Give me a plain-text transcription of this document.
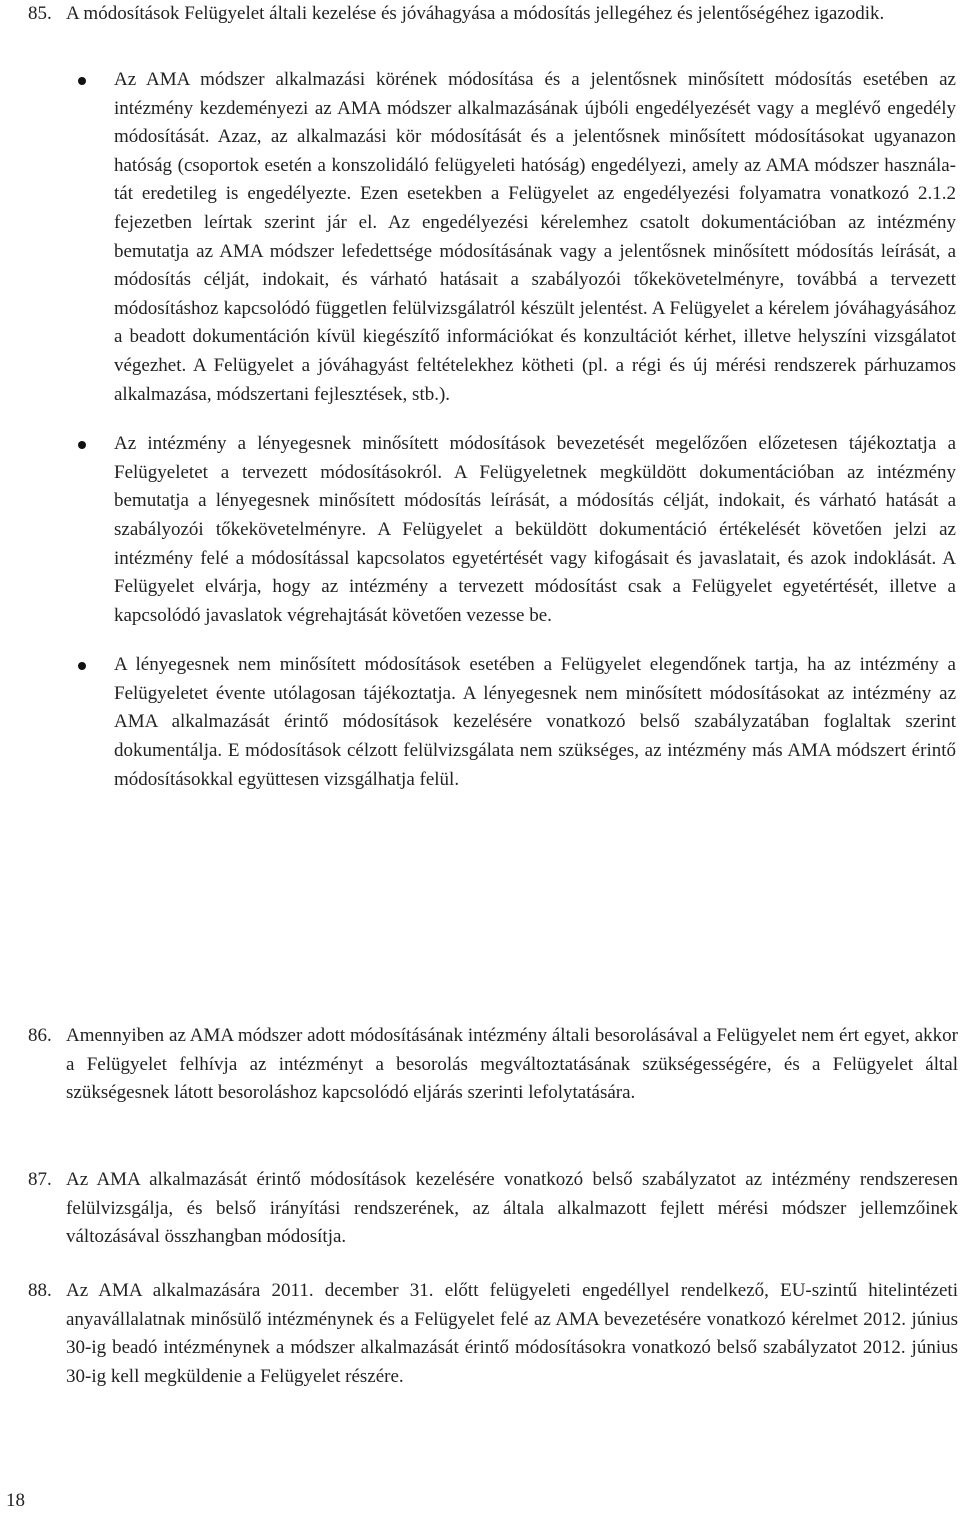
85. A módosítások Felügyelet általi kezelése és jóváhagyása a módosítás jellegéhez és jelentőségéhez igazodik.
Az AMA módszer alkalmazási körének módosítása és a jelentősnek minősített módosítás esetében az intézmény kezdeményezi az AMA módszer alkalmazásának újbóli engedélyezését vagy a meglévő engedély módosítását. Azaz, az alkalmazási kör módosítását és a jelentősnek minősített módosításokat ugyanazon hatóság (csoportok esetén a konszolidáló felügyeleti hatóság) engedélyezi, amely az AMA módszer használatát eredetileg is engedélyezte. Ezen esetekben a Felügyelet az engedélyezési folyamatra vonatkozó 2.1.2 fejezetben leírtak szerint jár el. Az engedélyezési kérelemhez csatolt dokumentációban az intézmény bemutatja az AMA módszer lefedettsége módosításának vagy a jelentősnek minősített módosítás leírását, a módosítás célját, indokait, és várható hatásait a szabályozói tőkekövetelményre, továbbá a tervezett módosításhoz kapcsolódó független felülvizsgálatról készült jelentést. A Felügyelet a kérelem jóváhagyásához a beadott dokumentáción kívül kiegészítő információkat és konzultációt kérhet, illetve helyszíni vizsgálatot végezhet. A Felügyelet a jóváhagyást feltételekhez kötheti (pl. a régi és új mérési rendszerek párhuzamos alkalmazása, módszertani fejlesztések, stb.).
Az intézmény a lényegesnek minősített módosítások bevezetését megelőzően előzetesen tájékoztatja a Felügyeletet a tervezett módosításokról. A Felügyeletnek megküldött dokumentációban az intézmény bemutatja a lényegesnek minősített módosítás leírását, a módosítás célját, indokait, és várható hatását a szabályozói tőkekövetelményre. A Felügyelet a beküldött dokumentáció értékelését követően jelzi az intézmény felé a módosítással kapcsolatos egyetértését vagy kifogásait és javaslatait, és azok indoklását. A Felügyelet elvárja, hogy az intézmény a tervezett módosítást csak a Felügyelet egyetértését, illetve a kapcsolódó javaslatok végrehajtását követően vezesse be.
A lényegesnek nem minősített módosítások esetében a Felügyelet elegendőnek tartja, ha az intézmény a Felügyeletet évente utólagosan tájékoztatja. A lényegesnek nem minősített módosításokat az intézmény az AMA alkalmazását érintő módosítások kezelésére vonatkozó belső szabályzatában foglaltak szerint dokumentálja. E módosítások célzott felülvizsgálata nem szükséges, az intézmény más AMA módszert érintő módosításokkal együttesen vizsgálhatja felül.
86. Amennyiben az AMA módszer adott módosításának intézmény általi besorolásával a Felügyelet nem ért egyet, akkor a Felügyelet felhívja az intézményt a besorolás megváltoztatásának szükségességére, és a Felügyelet által szükségesnek látott besoroláshoz kapcsolódó eljárás szerinti lefolytatására.
87. Az AMA alkalmazását érintő módosítások kezelésére vonatkozó belső szabályzatot az intézmény rendszeresen felülvizsgálja, és belső irányítási rendszerének, az általa alkalmazott fejlett mérési módszer jellemzőinek változásával összhangban módosítja.
88. Az AMA alkalmazására 2011. december 31. előtt felügyeleti engedéllyel rendelkező, EU-szintű hitelintézeti anyavállalatnak minősülő intézménynek és a Felügyelet felé az AMA bevezetésére vonatkozó kérelmet 2012. június 30-ig beadó intézménynek a módszer alkalmazását érintő módosításokra vonatkozó belső szabályzatot 2012. június 30-ig kell megküldenie a Felügyelet részére.
18
